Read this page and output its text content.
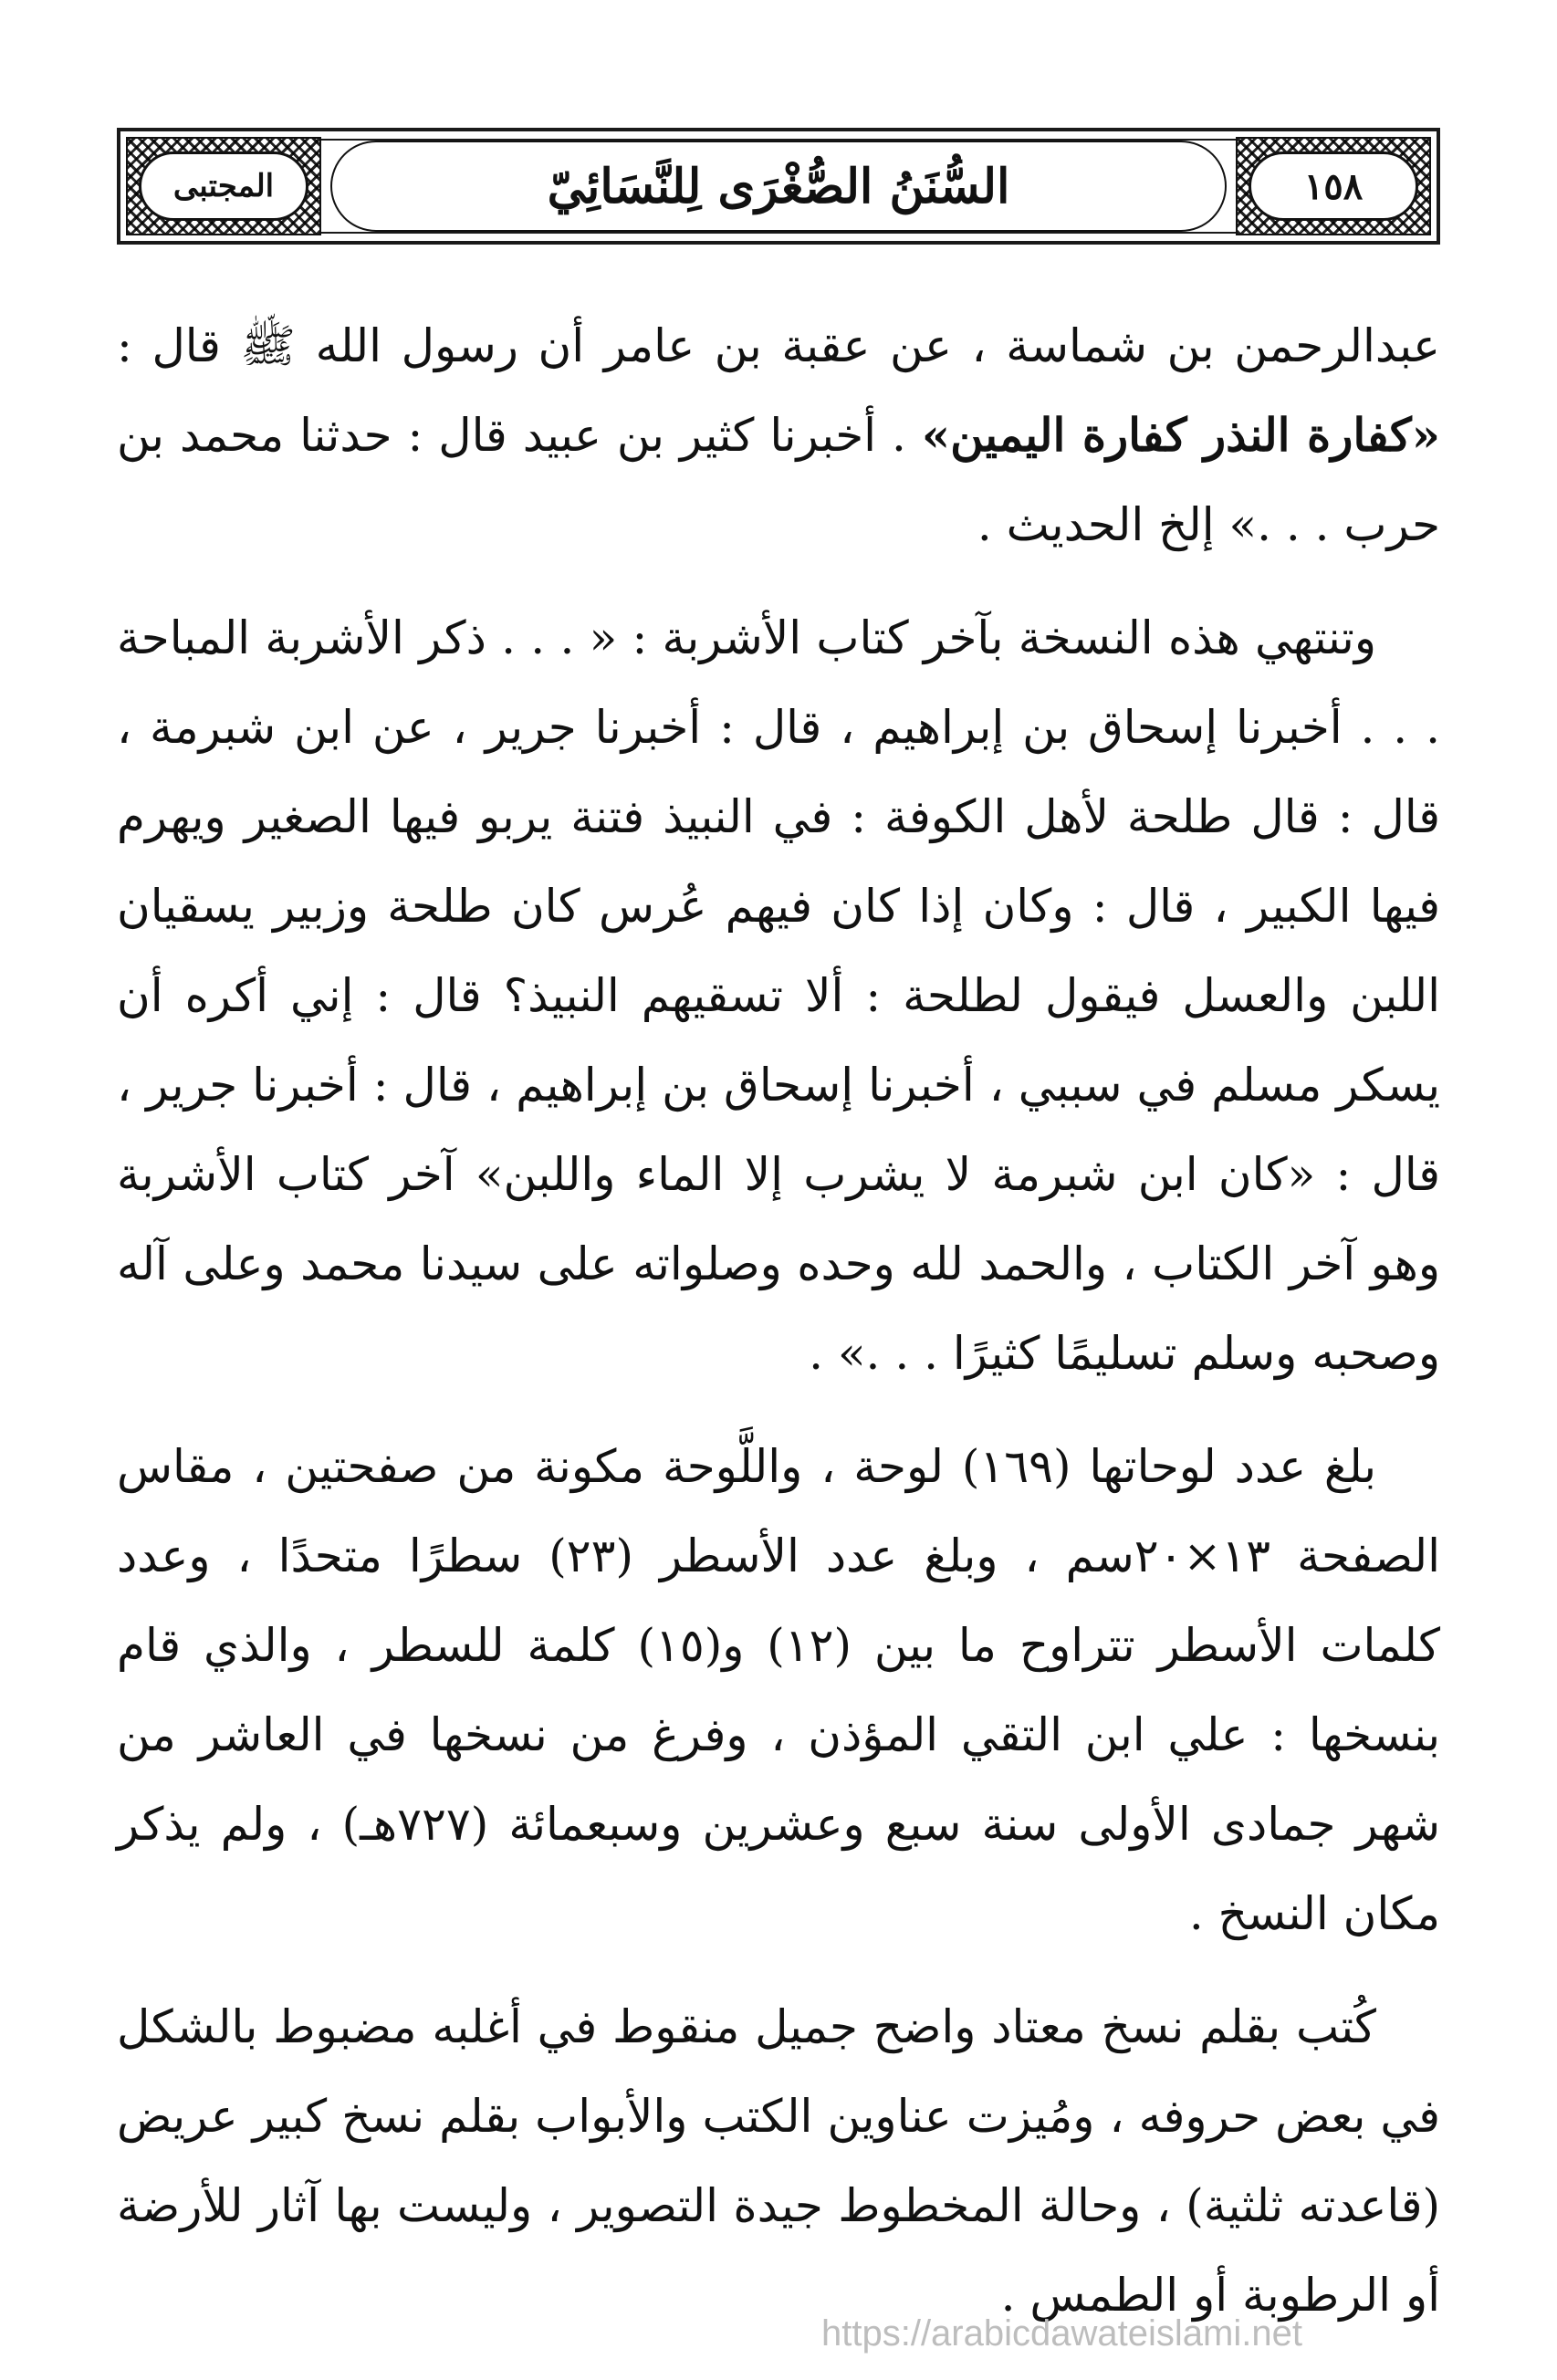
١٥٨
المجتبى	السُّنَنُ الصُّغْرَى لِلنَّسَائِيّ

عبدالرحمن بن شماسة ، عن عقبة بن عامر أن رسول الله ﷺ قال : «كفارة النذر كفارة اليمين» . أخبرنا كثير بن عبيد قال : حدثنا محمد بن حرب . . .» إلخ الحديث .

وتنتهي هذه النسخة بآخر كتاب الأشربة : « . . . ذكر الأشربة المباحة . . . أخبرنا إسحاق بن إبراهيم ، قال : أخبرنا جرير ، عن ابن شبرمة ، قال : قال طلحة لأهل الكوفة : في النبيذ فتنة يربو فيها الصغير ويهرم فيها الكبير ، قال : وكان إذا كان فيهم عُرس كان طلحة وزبير يسقيان اللبن والعسل فيقول لطلحة : ألا تسقيهم النبيذ؟ قال : إني أكره أن يسكر مسلم في سببي ، أخبرنا إسحاق بن إبراهيم ، قال : أخبرنا جرير ، قال : «كان ابن شبرمة لا يشرب إلا الماء واللبن» آخر كتاب الأشربة وهو آخر الكتاب ، والحمد لله وحده وصلواته على سيدنا محمد وعلى آله وصحبه وسلم تسليمًا كثيرًا . . .» .

بلغ عدد لوحاتها (١٦٩) لوحة ، واللَّوحة مكونة من صفحتين ، مقاس الصفحة ١٣×٢٠سم ، وبلغ عدد الأسطر (٢٣) سطرًا متحدًا ، وعدد كلمات الأسطر تتراوح ما بين (١٢) و(١٥) كلمة للسطر ، والذي قام بنسخها : علي ابن التقي المؤذن ، وفرغ من نسخها في العاشر من شهر جمادى الأولى سنة سبع وعشرين وسبعمائة (٧٢٧هـ) ، ولم يذكر مكان النسخ .

كُتب بقلم نسخ معتاد واضح جميل منقوط في أغلبه مضبوط بالشكل في بعض حروفه ، ومُيزت عناوين الكتب والأبواب بقلم نسخ كبير عريض (قاعدته ثلثية) ، وحالة المخطوط جيدة التصوير ، وليست بها آثار للأرضة أو الرطوبة أو الطمس .

https://arabicdawateislami.net
